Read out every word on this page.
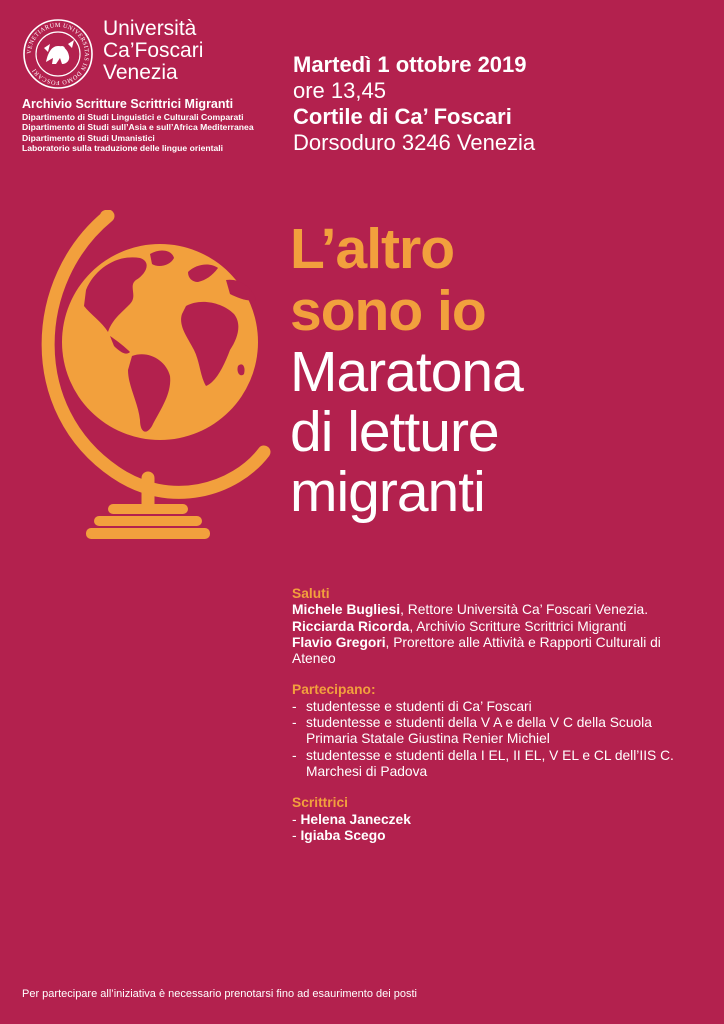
VENETIARUM UNIVERSITAS IN DOMO FOSCARI
Università
Ca’Foscari
Venezia
Archivio Scritture Scrittrici Migranti
Dipartimento di Studi Linguistici e Culturali Comparati
Dipartimento di Studi sull’Asia e sull’Africa Mediterranea
Dipartimento di Studi Umanistici
Laboratorio sulla traduzione delle lingue orientali
Martedì 1 ottobre 2019
ore 13,45
Cortile di Ca’ Foscari
Dorsoduro 3246 Venezia
L’altro
sono io
Maratona
di letture
migranti
Saluti
Michele Bugliesi, Rettore Università Ca’ Foscari Venezia.
Ricciarda Ricorda, Archivio Scritture Scrittrici Migranti
Flavio Gregori, Prorettore alle Attività e Rapporti Culturali di Ateneo
Partecipano:
- studentesse e studenti di Ca’ Foscari
- studentesse e studenti della V A e della V C della Scuola Primaria Statale Giustina Renier Michiel
- studentesse e studenti della I EL, II EL, V EL e CL dell’IIS C. Marchesi di Padova
Scrittrici
- Helena Janeczek
- Igiaba Scego
Per partecipare all’iniziativa è necessario prenotarsi fino ad esaurimento dei posti
